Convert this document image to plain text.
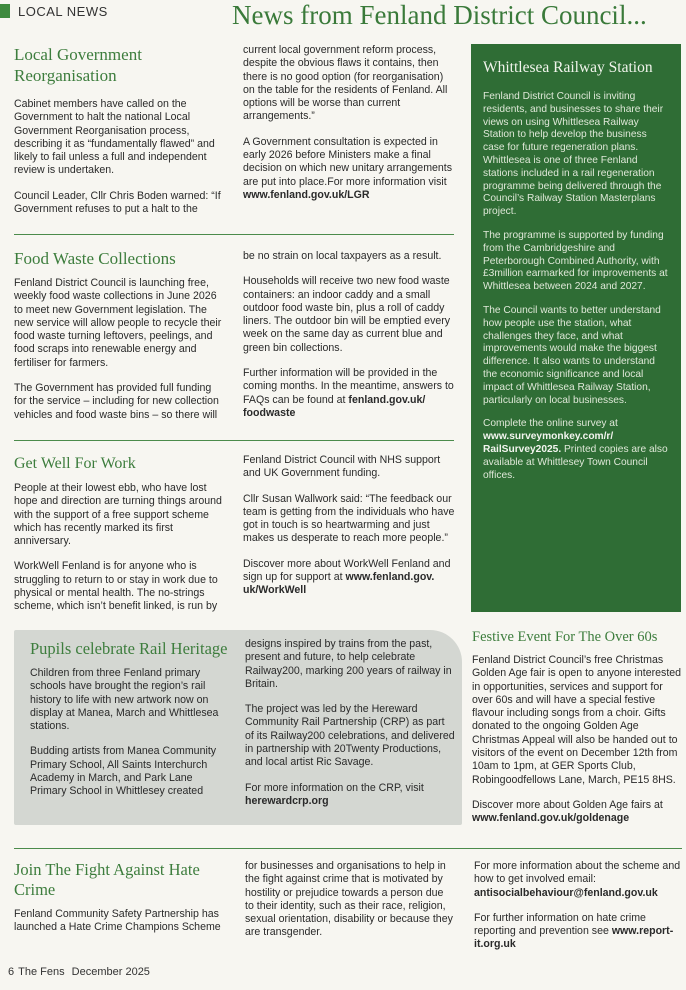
LOCAL NEWS	News from Fenland District Council...
Local Government Reorganisation

Cabinet members have called on the Government to halt the national Local Government Reorganisation process, describing it as “fundamentally flawed” and likely to fail unless a full and independent review is undertaken.

Council Leader, Cllr Chris Boden warned: “If Government refuses to put a halt to the

current local government reform process, despite the obvious flaws it contains, then there is no good option (for reorganisation) on the table for the residents of Fenland. All options will be worse than current arrangements.”

A Government consultation is expected in early 2026 before Ministers make a final decision on which new unitary arrangements are put into place.For more information visit www.fenland.gov.uk/LGR

Food Waste Collections

Fenland District Council is launching free, weekly food waste collections in June 2026 to meet new Government legislation. The new service will allow people to recycle their food waste turning leftovers, peelings, and food scraps into renewable energy and fertiliser for farmers.

The Government has provided full funding for the service – including for new collection vehicles and food waste bins – so there will

be no strain on local taxpayers as a result.

Households will receive two new food waste containers: an indoor caddy and a small outdoor food waste bin, plus a roll of caddy liners. The outdoor bin will be emptied every week on the same day as current blue and green bin collections.

Further information will be provided in the coming months. In the meantime, answers to FAQs can be found at fenland.gov.uk/ foodwaste

Get Well For Work

People at their lowest ebb, who have lost hope and direction are turning things around with the support of a free support scheme which has recently marked its first anniversary.

WorkWell Fenland is for anyone who is struggling to return to or stay in work due to physical or mental health. The no-strings scheme, which isn’t benefit linked, is run by

Fenland District Council with NHS support and UK Government funding.

Cllr Susan Wallwork said: “The feedback our team is getting from the individuals who have got in touch is so heartwarming and just makes us desperate to reach more people.”

Discover more about WorkWell Fenland and sign up for support at www.fenland.gov. uk/WorkWell

Whittlesea Railway Station

Fenland District Council is inviting residents, and businesses to share their views on using Whittlesea Railway Station to help develop the business case for future regeneration plans. Whittlesea is one of three Fenland stations included in a rail regeneration programme being delivered through the Council’s Railway Station Masterplans project.

The programme is supported by funding from the Cambridgeshire and Peterborough Combined Authority, with £3million earmarked for improvements at Whittlesea between 2024 and 2027.

The Council wants to better understand how people use the station, what challenges they face, and what improvements would make the biggest difference. It also wants to understand the economic significance and local impact of Whittlesea Railway Station, particularly on local businesses.

Complete the online survey at www.surveymonkey.com/r/ RailSurvey2025. Printed copies are also available at Whittlesey Town Council offices.

Pupils celebrate Rail Heritage

Children from three Fenland primary schools have brought the region’s rail history to life with new artwork now on display at Manea, March and Whittlesea stations.

Budding artists from Manea Community Primary School, All Saints Interchurch Academy in March, and Park Lane Primary School in Whittlesey created

designs inspired by trains from the past, present and future, to help celebrate Railway200, marking 200 years of railway in Britain.

The project was led by the Hereward Community Rail Partnership (CRP) as part of its Railway200 celebrations, and delivered in partnership with 20Twenty Productions, and local artist Ric Savage.

For more information on the CRP, visit herewardcrp.org

Festive Event For The Over 60s

Fenland District Council’s free Christmas Golden Age fair is open to anyone interested in opportunities, services and support for over 60s and will have a special festive flavour including songs from a choir. Gifts donated to the ongoing Golden Age Christmas Appeal will also be handed out to visitors of the event on December 12th from 10am to 1pm, at GER Sports Club, Robingoodfellows Lane, March, PE15 8HS.

Discover more about Golden Age fairs at www.fenland.gov.uk/goldenage

Join The Fight Against Hate Crime

Fenland Community Safety Partnership has launched a Hate Crime Champions Scheme

for businesses and organisations to help in the fight against crime that is motivated by hostility or prejudice towards a person due to their identity, such as their race, religion, sexual orientation, disability or because they are transgender.

For more information about the scheme and how to get involved email: antisocialbehaviour@fenland.gov.uk

For further information on hate crime reporting and prevention see www.report-it.org.uk

6 The Fens December 2025
